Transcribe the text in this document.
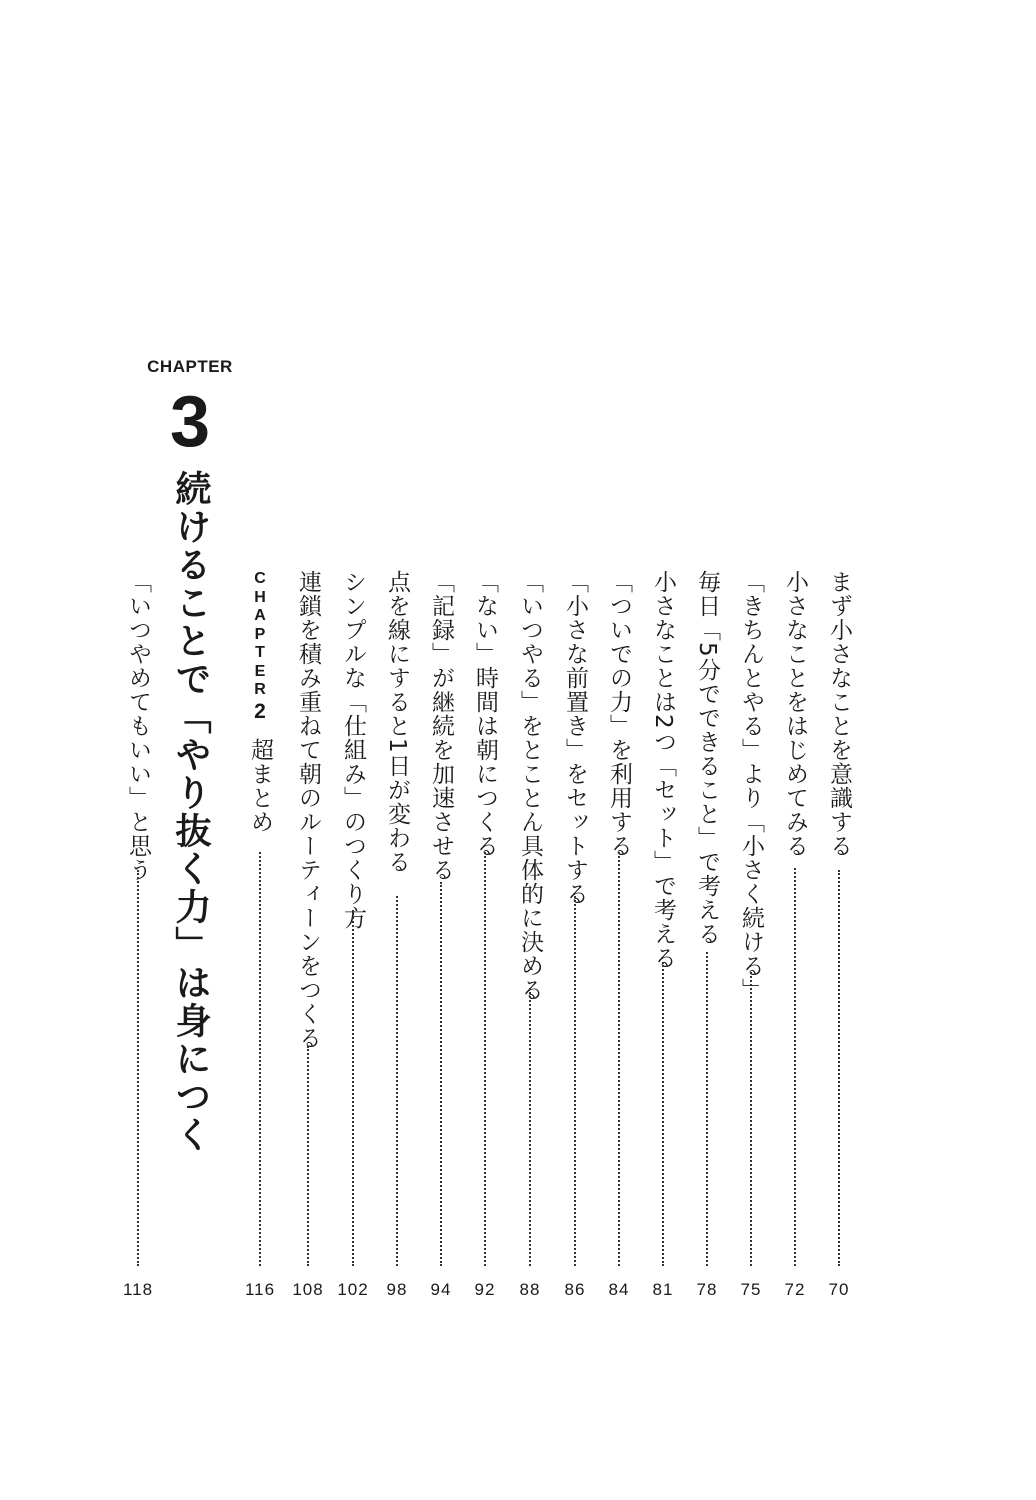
まず小さなことを意識する
70
小さなことをはじめてみる
72
「きちんとやる」より「小さく続ける」
75
毎日「5分でできること」で考える
78
小さなことは2つ「セット」で考える
81
「ついでの力」を利用する
84
「小さな前置き」をセットする
86
「いつやる」をとことん具体的に決める
88
「ない」時間は朝につくる
92
「記録」が継続を加速させる
94
点を線にすると1日が変わる
98
シンプルな「仕組み」のつくり方
102
連鎖を積み重ねて朝のルーティーンをつくる
108
C
H
A
P
T
E
R
2
超まとめ
116
CHAPTER
3
続けることで「やり抜く力」は身につく
「いつやめてもいい」と思う
118
